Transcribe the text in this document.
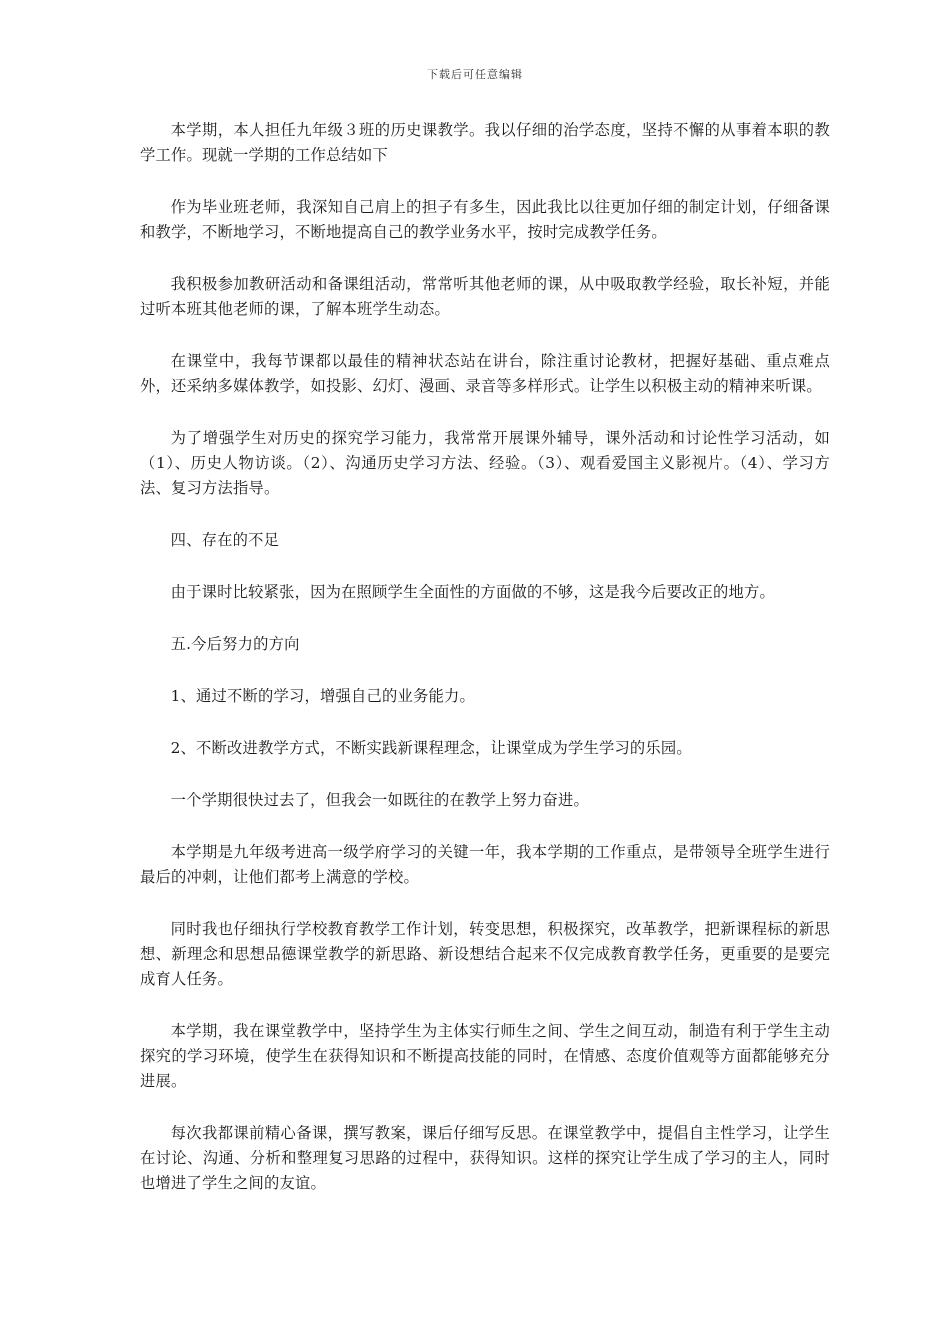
下载后可任意编辑

本学期，本人担任九年级３班的历史课教学。我以仔细的治学态度，坚持不懈的从事着本职的教学工作。现就一学期的工作总结如下

作为毕业班老师，我深知自己肩上的担子有多生，因此我比以往更加仔细的制定计划，仔细备课和教学，不断地学习，不断地提高自己的教学业务水平，按时完成教学任务。

我积极参加教研活动和备课组活动，常常听其他老师的课，从中吸取教学经验，取长补短，并能过听本班其他老师的课，了解本班学生动态。

在课堂中，我每节课都以最佳的精神状态站在讲台，除注重讨论教材，把握好基础、重点难点外，还采纳多媒体教学，如投影、幻灯、漫画、录音等多样形式。让学生以积极主动的精神来听课。

为了增强学生对历史的探究学习能力，我常常开展课外辅导，课外活动和讨论性学习活动，如（1）、历史人物访谈。（2）、沟通历史学习方法、经验。（3）、观看爱国主义影视片。（4）、学习方法、复习方法指导。

四、存在的不足

由于课时比较紧张，因为在照顾学生全面性的方面做的不够，这是我今后要改正的地方。

五.今后努力的方向

1、通过不断的学习，增强自己的业务能力。

2、不断改进教学方式，不断实践新课程理念，让课堂成为学生学习的乐园。

一个学期很快过去了，但我会一如既往的在教学上努力奋进。

本学期是九年级考进高一级学府学习的关键一年，我本学期的工作重点，是带领导全班学生进行最后的冲刺，让他们都考上满意的学校。

同时我也仔细执行学校教育教学工作计划，转变思想，积极探究，改革教学，把新课程标的新思想、新理念和思想品德课堂教学的新思路、新设想结合起来不仅完成教育教学任务，更重要的是要完成育人任务。

本学期，我在课堂教学中，坚持学生为主体实行师生之间、学生之间互动，制造有利于学生主动探究的学习环境，使学生在获得知识和不断提高技能的同时，在情感、态度价值观等方面都能够充分进展。

每次我都课前精心备课，撰写教案，课后仔细写反思。在课堂教学中，提倡自主性学习，让学生在讨论、沟通、分析和整理复习思路的过程中，获得知识。这样的探究让学生成了学习的主人，同时也增进了学生之间的友谊。
